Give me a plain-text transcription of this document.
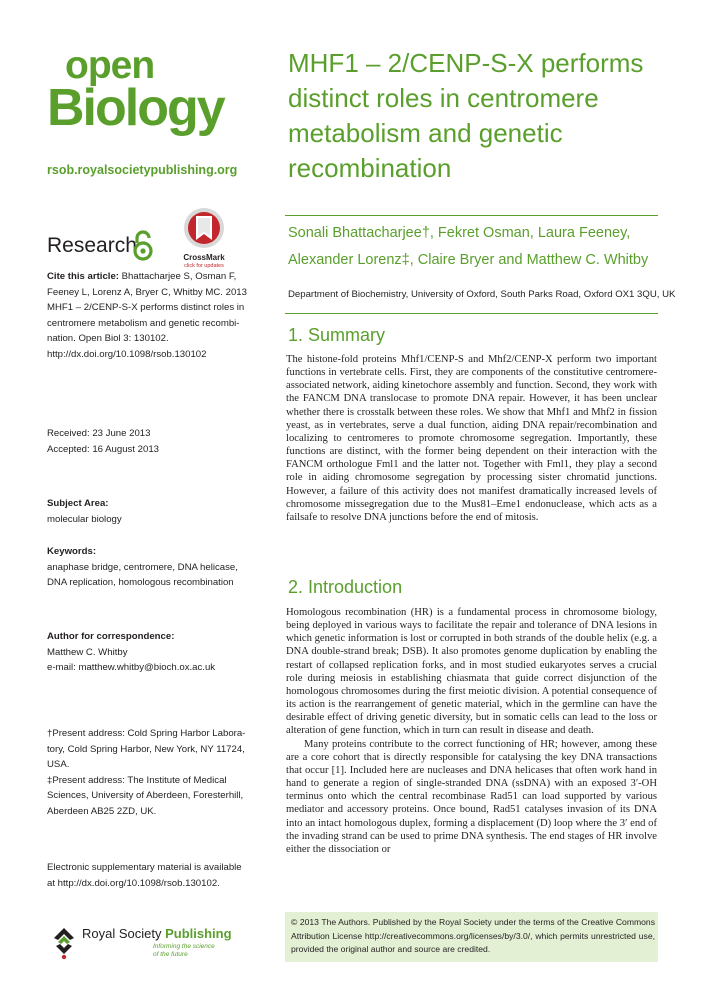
open
Biology
rsob.royalsocietypublishing.org
Research
CrossMark
click for updates
Cite this article: Bhattacharjee S, Osman F,
Feeney L, Lorenz A, Bryer C, Whitby MC. 2013
MHF1 – 2/CENP-S-X performs distinct roles in
centromere metabolism and genetic recombi-
nation. Open Biol 3: 130102.
http://dx.doi.org/10.1098/rsob.130102
Received: 23 June 2013
Accepted: 16 August 2013
Subject Area:
molecular biology
Keywords:
anaphase bridge, centromere, DNA helicase,
DNA replication, homologous recombination
Author for correspondence:
Matthew C. Whitby
e-mail: matthew.whitby@bioch.ox.ac.uk
†Present address: Cold Spring Harbor Labora-
tory, Cold Spring Harbor, New York, NY 11724,
USA.
‡Present address: The Institute of Medical
Sciences, University of Aberdeen, Foresterhill,
Aberdeen AB25 2ZD, UK.
Electronic supplementary material is available
at http://dx.doi.org/10.1098/rsob.130102.
MHF1 – 2/CENP-S-X performs
distinct roles in centromere
metabolism and genetic
recombination
Sonali Bhattacharjee†, Fekret Osman, Laura Feeney,
Alexander Lorenz‡, Claire Bryer and Matthew C. Whitby
Department of Biochemistry, University of Oxford, South Parks Road, Oxford OX1 3QU, UK
1. Summary

The histone-fold proteins Mhf1/CENP-S and Mhf2/CENP-X perform two important functions in vertebrate cells. First, they are components of the constitutive centromere-associated network, aiding kinetochore assembly and function. Second, they work with the FANCM DNA translocase to promote DNA repair. However, it has been unclear whether there is crosstalk between these roles. We show that Mhf1 and Mhf2 in fission yeast, as in vertebrates, serve a dual function, aiding DNA repair/recombination and localizing to centromeres to promote chromosome segregation. Importantly, these functions are distinct, with the former being dependent on their interaction with the FANCM orthologue Fml1 and the latter not. Together with Fml1, they play a second role in aiding chromosome segregation by processing sister chromatid junctions. However, a failure of this activity does not manifest dramatically increased levels of chromosome missegregation due to the Mus81–Eme1 endonuclease, which acts as a failsafe to resolve DNA junctions before the end of mitosis.

2. Introduction

Homologous recombination (HR) is a fundamental process in chromosome biology, being deployed in various ways to facilitate the repair and tolerance of DNA lesions in which genetic information is lost or corrupted in both strands of the double helix (e.g. a DNA double-strand break; DSB). It also promotes genome duplication by enabling the restart of collapsed replication forks, and in most studied eukaryotes serves a crucial role during meiosis in establishing chiasmata that guide correct disjunction of the homologous chromosomes during the first meiotic division. A potential consequence of its action is the rearrangement of genetic material, which in the germline can have the desirable effect of driving genetic diversity, but in somatic cells can lead to the loss or alteration of gene function, which in turn can result in disease and death.

Many proteins contribute to the correct functioning of HR; however, among these are a core cohort that is directly responsible for catalysing the key DNA transactions that occur [1]. Included here are nucleases and DNA helicases that often work hand in hand to generate a region of single-stranded DNA (ssDNA) with an exposed 3′-OH terminus onto which the central recombinase Rad51 can load supported by various mediator and accessory proteins. Once bound, Rad51 catalyses invasion of its DNA into an intact homologous duplex, forming a displacement (D) loop where the 3′ end of the invading strand can be used to prime DNA synthesis. The end stages of HR involve either the dissociation or

© 2013 The Authors. Published by the Royal Society under the terms of the Creative Commons Attribution License http://creativecommons.org/licenses/by/3.0/, which permits unrestricted use, provided the original author and source are credited.
Royal Society Publishing
Informing the science
of the future
